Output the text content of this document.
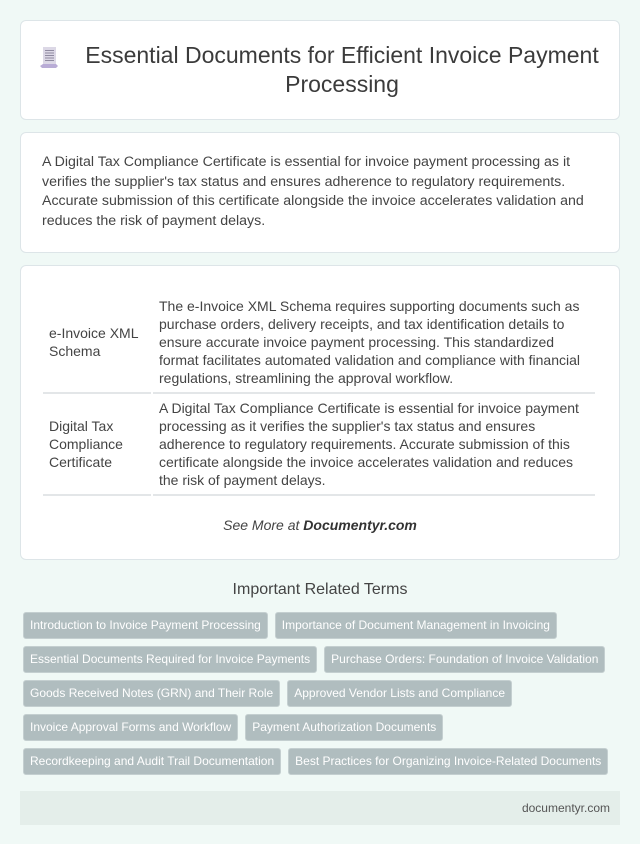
Essential Documents for Efficient Invoice Payment Processing

A Digital Tax Compliance Certificate is essential for invoice payment processing as it verifies the supplier's tax status and ensures adherence to regulatory requirements. Accurate submission of this certificate alongside the invoice accelerates validation and reduces the risk of payment delays.

e-Invoice XML Schema	The e-Invoice XML Schema requires supporting documents such as purchase orders, delivery receipts, and tax identification details to ensure accurate invoice payment processing. This standardized format facilitates automated validation and compliance with financial regulations, streamlining the approval workflow.
Digital Tax Compliance Certificate	A Digital Tax Compliance Certificate is essential for invoice payment processing as it verifies the supplier's tax status and ensures adherence to regulatory requirements. Accurate submission of this certificate alongside the invoice accelerates validation and reduces the risk of payment delays.
See More at Documentyr.com
Important Related Terms
Introduction to Invoice Payment Processing	Importance of Document Management in Invoicing
Essential Documents Required for Invoice Payments	Purchase Orders: Foundation of Invoice Validation
Goods Received Notes (GRN) and Their Role	Approved Vendor Lists and Compliance
Invoice Approval Forms and Workflow	Payment Authorization Documents
Recordkeeping and Audit Trail Documentation	Best Practices for Organizing Invoice-Related Documents
documentyr.com
